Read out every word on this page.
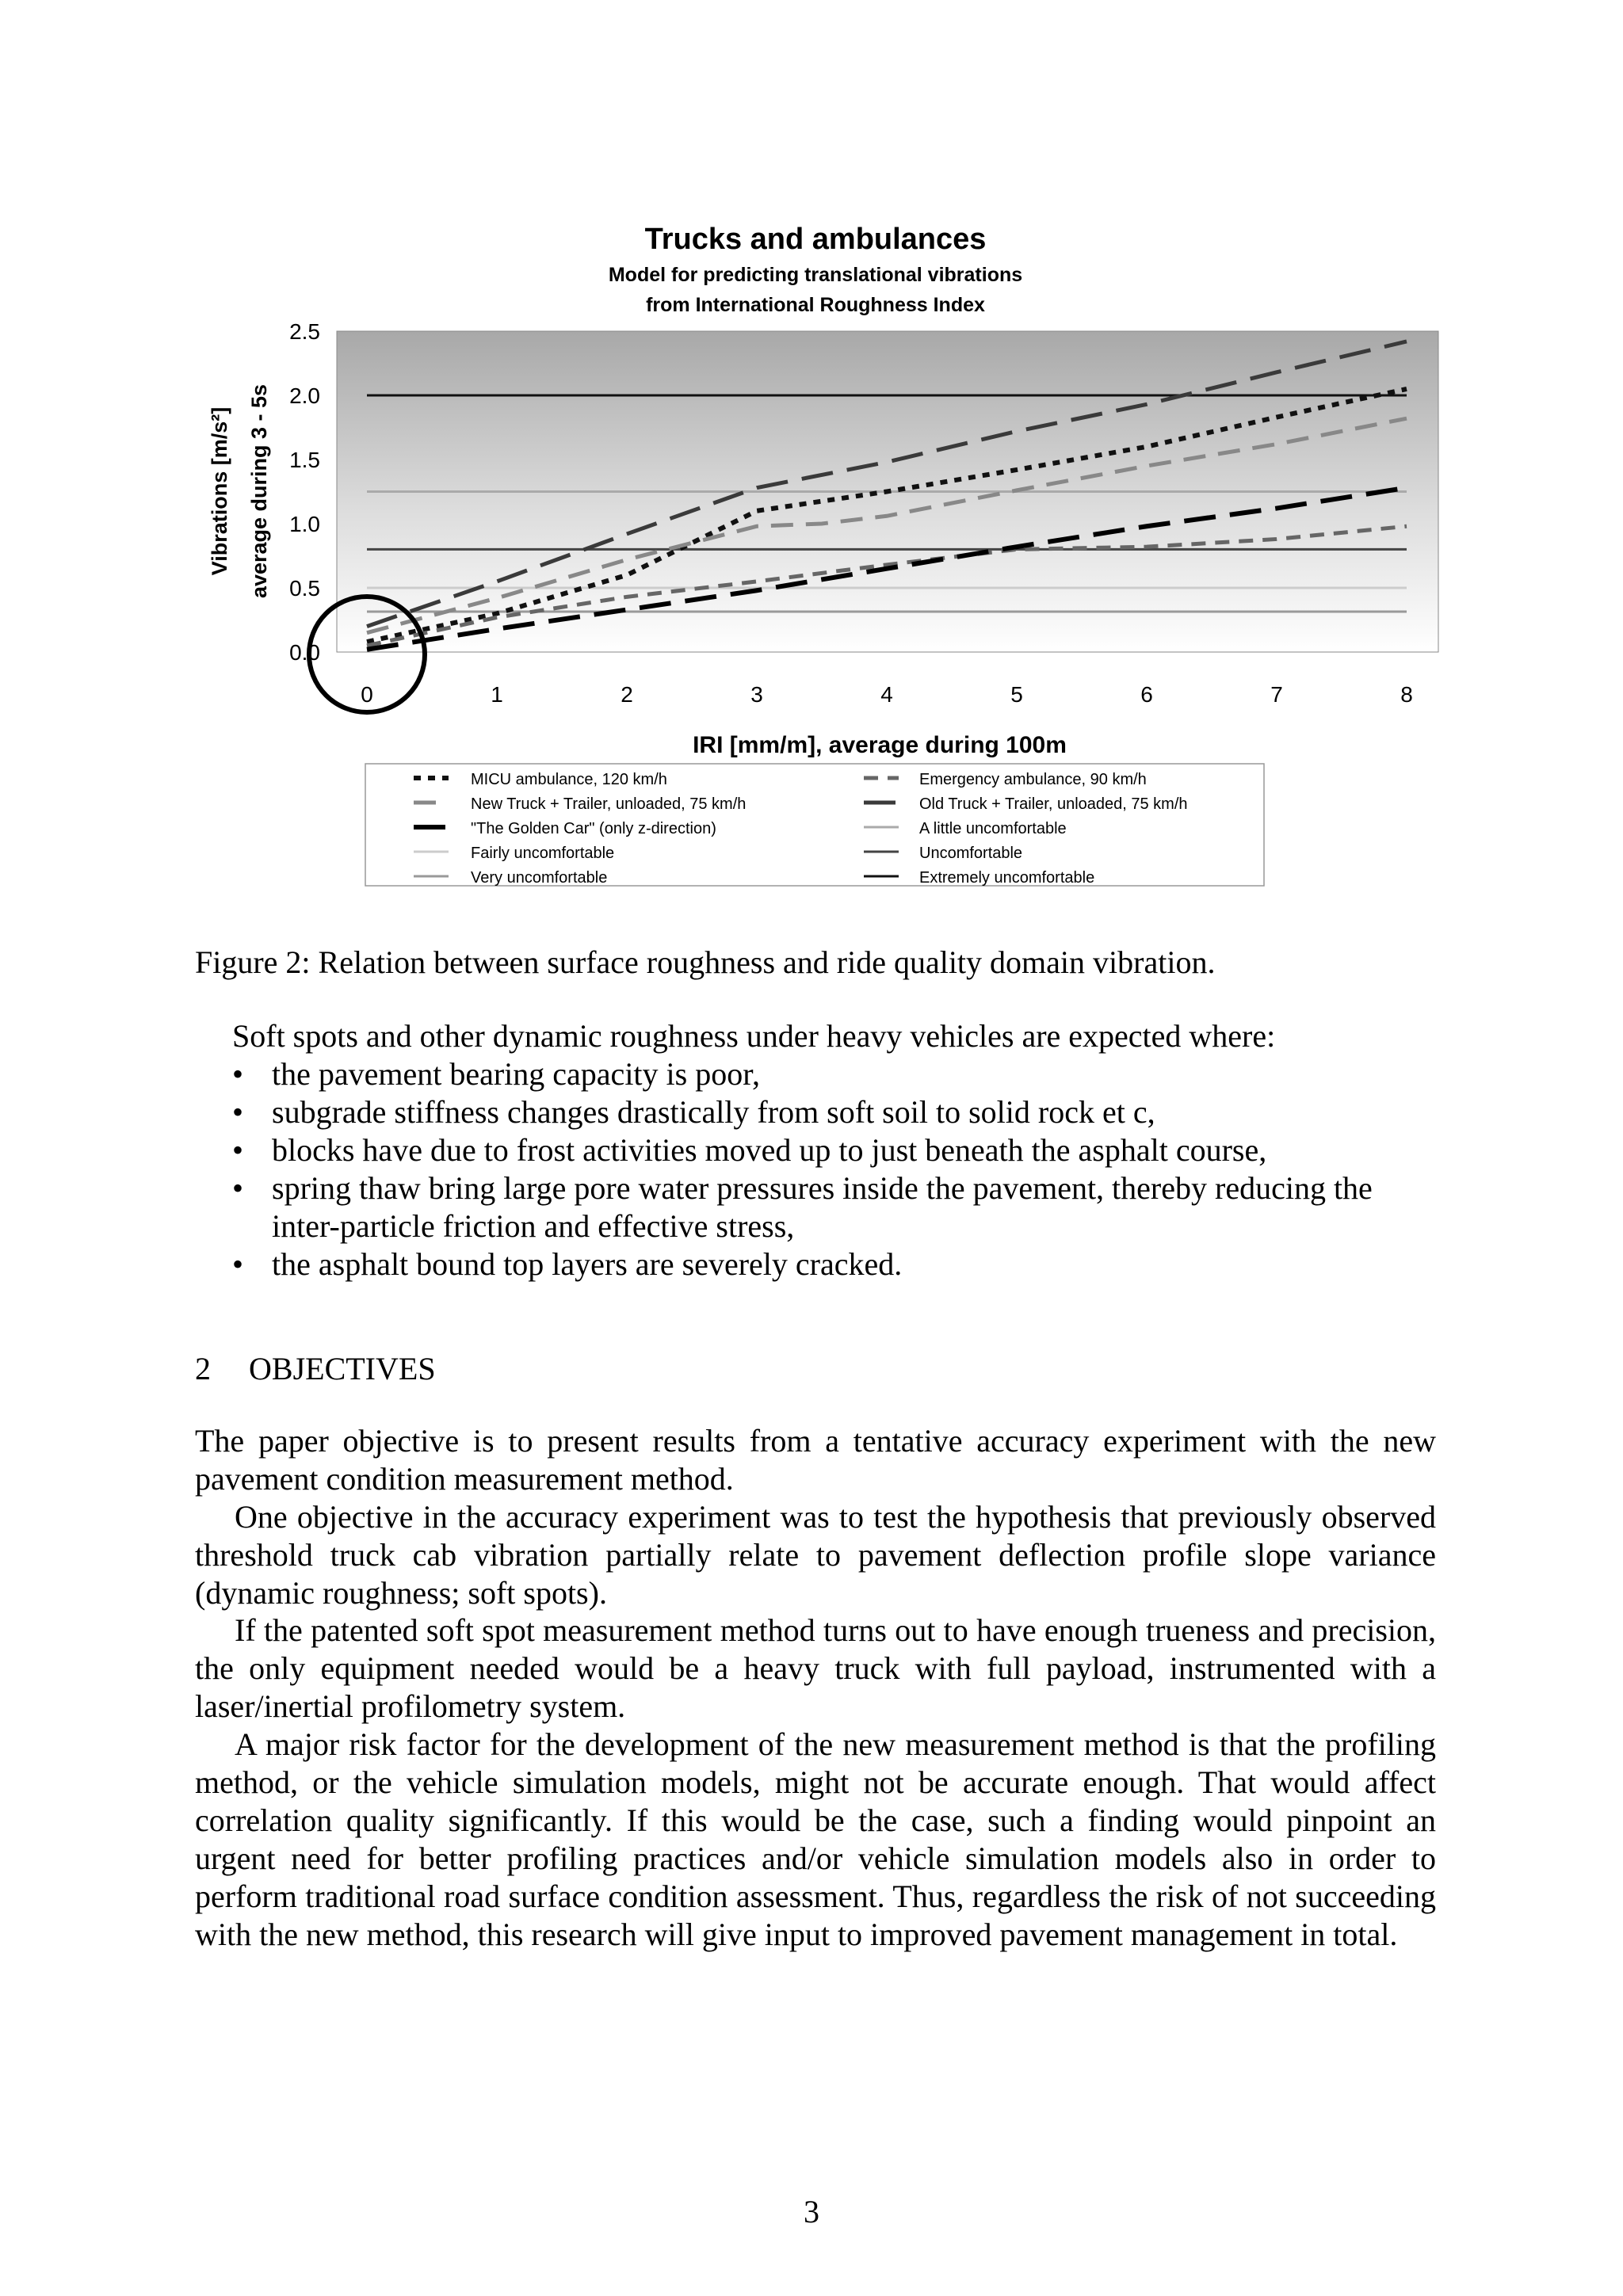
Trucks and ambulances
Model for predicting translational vibrations
from International Roughness Index
Vibrations [m/s²] average during 3 - 5s
0.0
0.5
1.0
1.5
2.0
2.5
0	1	2	3	4	5	6	7	8
IRI [mm/m], average during 100m
MICU ambulance, 120 km/h
New Truck + Trailer, unloaded, 75 km/h
"The Golden Car" (only z-direction)
Fairly uncomfortable
Very uncomfortable
Emergency ambulance, 90 km/h
Old Truck + Trailer, unloaded, 75 km/h
A little uncomfortable
Uncomfortable
Extremely uncomfortable
Figure 2: Relation between surface roughness and ride quality domain vibration.
Soft spots and other dynamic roughness under heavy vehicles are expected where:
• the pavement bearing capacity is poor,
• subgrade stiffness changes drastically from soft soil to solid rock et c,
• blocks have due to frost activities moved up to just beneath the asphalt course,
• spring thaw bring large pore water pressures inside the pavement, thereby reducing the inter-particle friction and effective stress,
• the asphalt bound top layers are severely cracked.
2 OBJECTIVES

The paper objective is to present results from a tentative accuracy experiment with the new pavement condition measurement method.

One objective in the accuracy experiment was to test the hypothesis that previously observed threshold truck cab vibration partially relate to pavement deflection profile slope variance (dynamic roughness; soft spots).

If the patented soft spot measurement method turns out to have enough trueness and precision, the only equipment needed would be a heavy truck with full payload, instrumented with a laser/inertial profilometry system.

A major risk factor for the development of the new measurement method is that the profiling method, or the vehicle simulation models, might not be accurate enough. That would affect correlation quality significantly. If this would be the case, such a finding would pinpoint an urgent need for better profiling practices and/or vehicle simulation models also in order to perform traditional road surface condition assessment. Thus, regardless the risk of not succeeding with the new method, this research will give input to improved pavement management in total.

3
